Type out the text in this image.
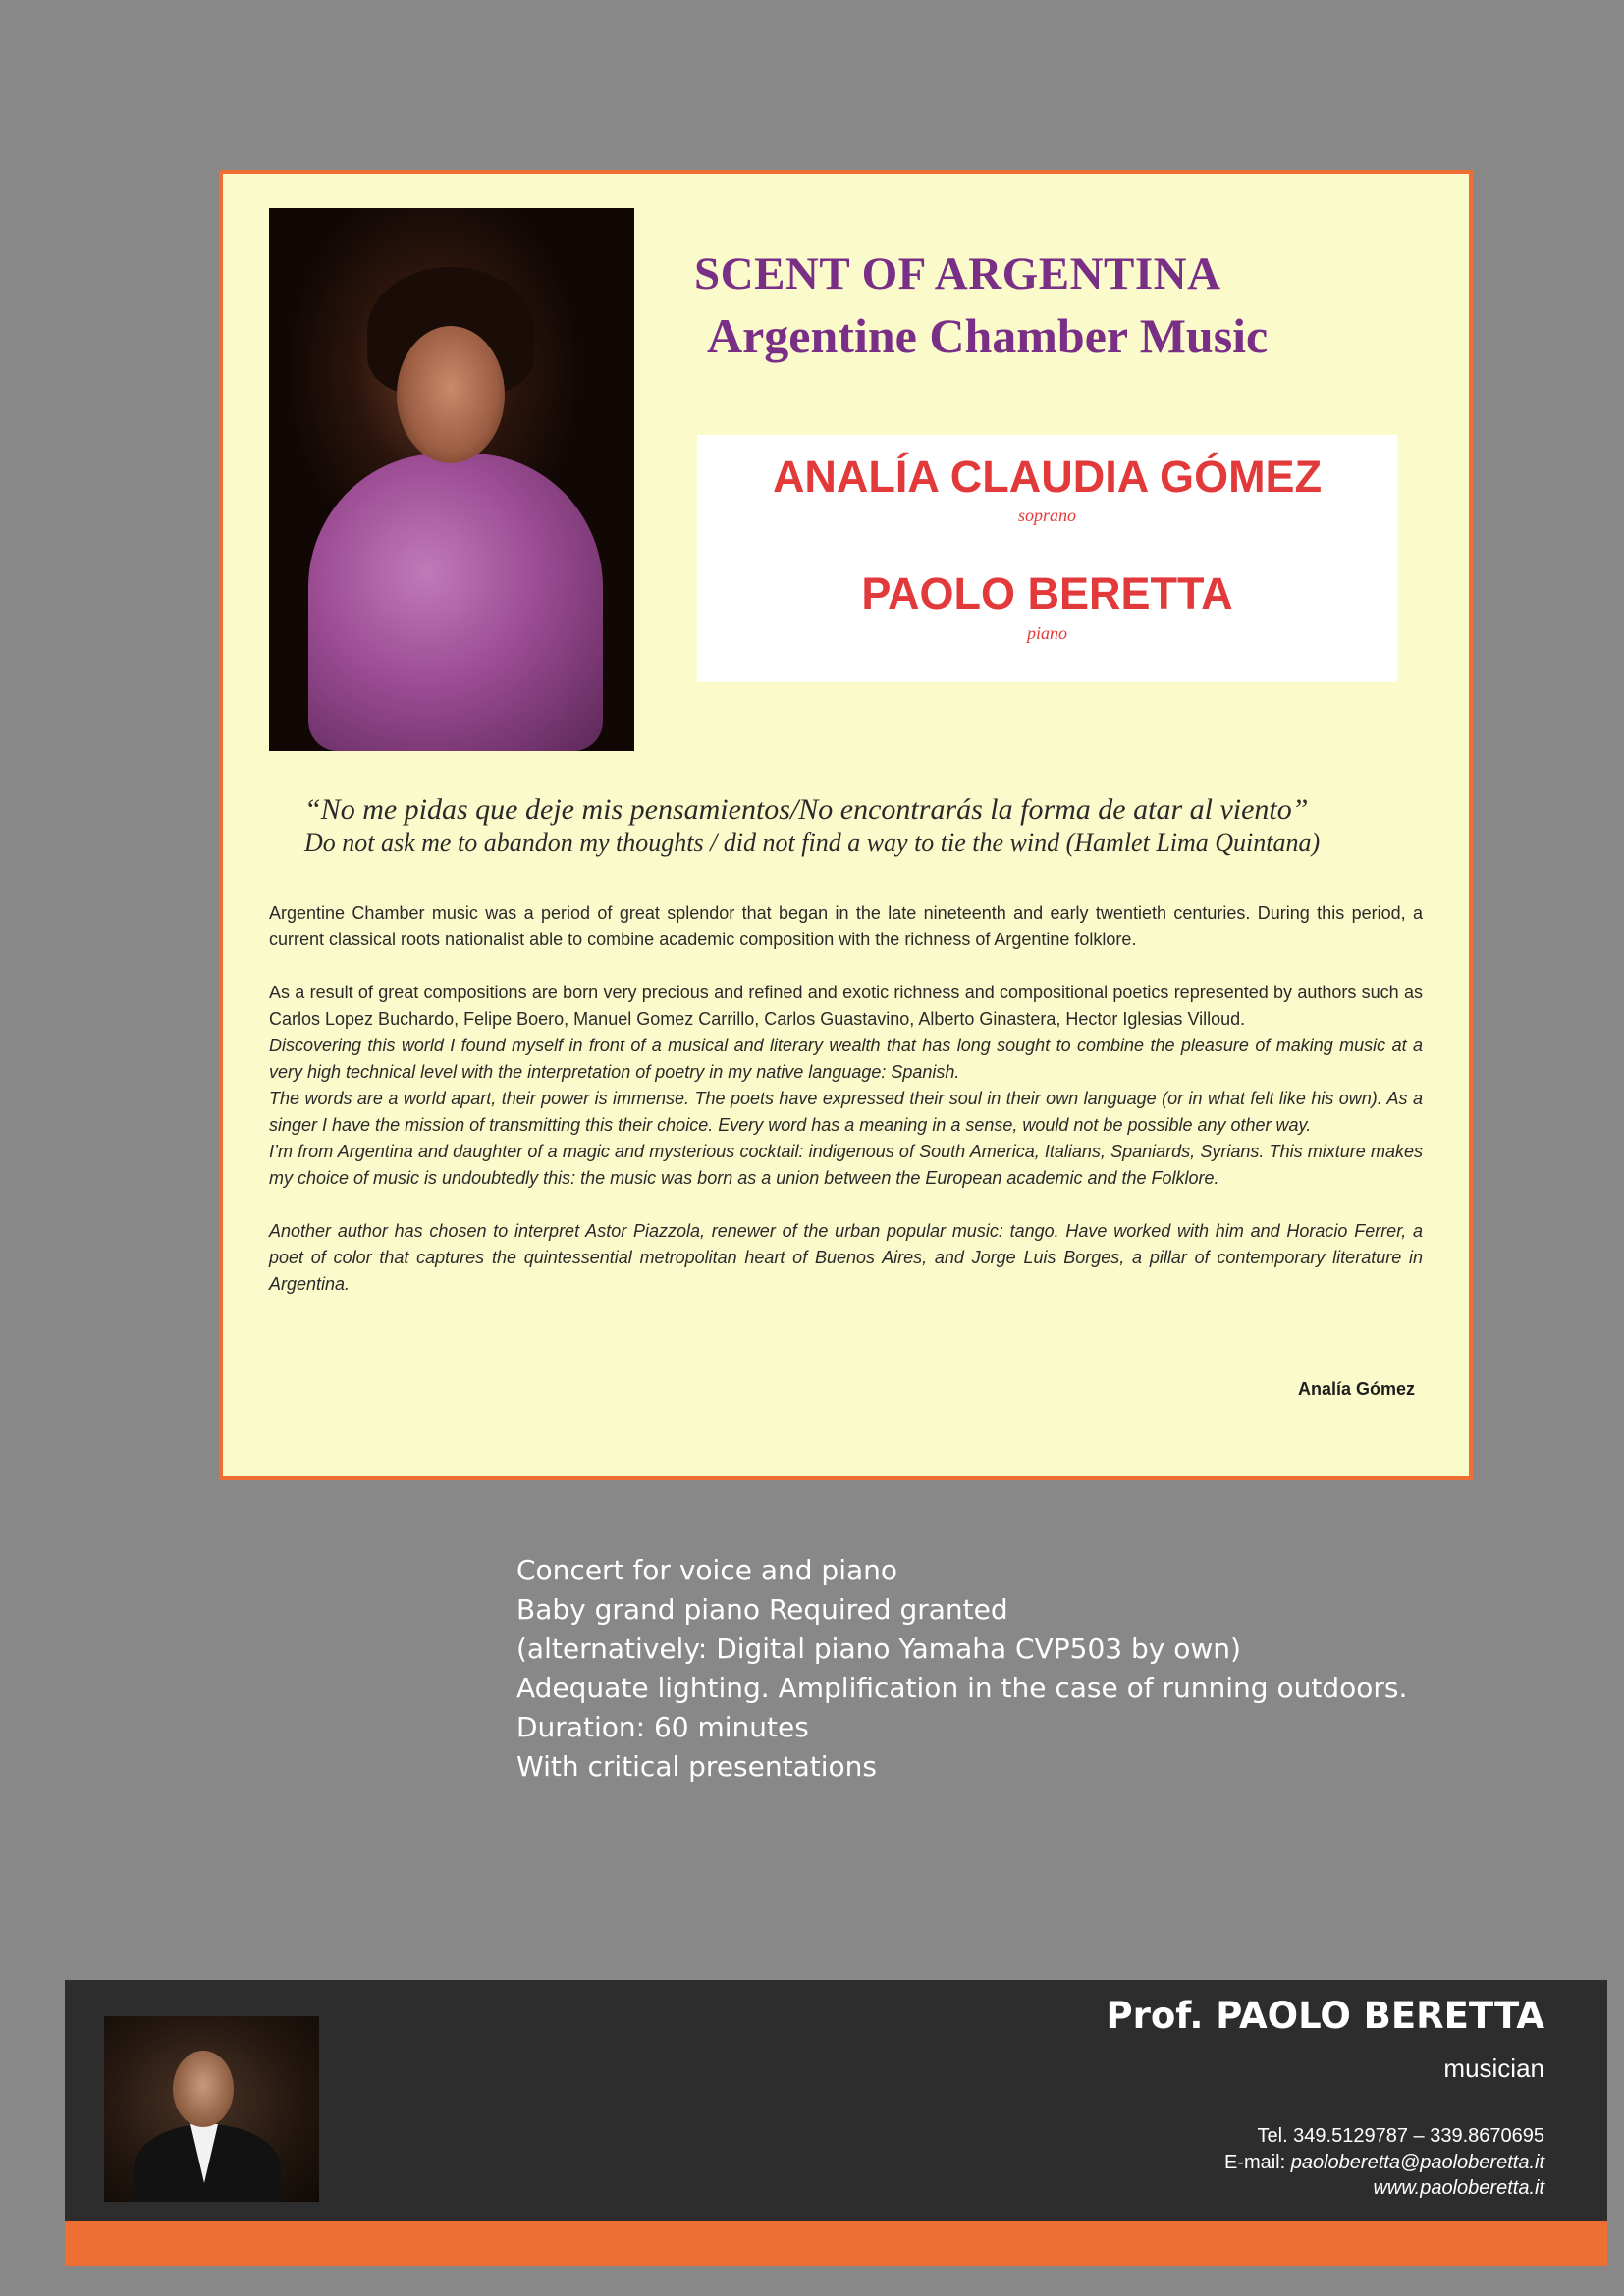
SCENT OF ARGENTINA
Argentine Chamber Music
ANALÍA CLAUDIA GÓMEZ
soprano
PAOLO BERETTA
piano
“No me pidas que deje mis pensamientos/No encontrarás la forma de atar al viento”
Do not ask me to abandon my thoughts / did not find a way to tie the wind (Hamlet Lima Quintana)

Argentine Chamber music was a period of great splendor that began in the late nineteenth and early twentieth centuries. During this period, a current classical roots nationalist able to combine academic composition with the richness of Argentine folklore.

As a result of great compositions are born very precious and refined and exotic richness and compositional poetics represented by authors such as Carlos Lopez Buchardo, Felipe Boero, Manuel Gomez Carrillo, Carlos Guastavino, Alberto Ginastera, Hector Iglesias Villoud.

Discovering this world I found myself in front of a musical and literary wealth that has long sought to combine the pleasure of making music at a very high technical level with the interpretation of poetry in my native language: Spanish.

The words are a world apart, their power is immense. The poets have expressed their soul in their own language (or in what felt like his own). As a singer I have the mission of transmitting this their choice. Every word has a meaning in a sense, would not be possible any other way.

I’m from Argentina and daughter of a magic and mysterious cocktail: indigenous of South America, Italians, Spaniards, Syrians. This mixture makes my choice of music is undoubtedly this: the music was born as a union between the European academic and the Folklore.

Another author has chosen to interpret Astor Piazzola, renewer of the urban popular music: tango. Have worked with him and Horacio Ferrer, a poet of color that captures the quintessential metropolitan heart of Buenos Aires, and Jorge Luis Borges, a pillar of contemporary literature in Argentina.

Analía Gómez
Concert for voice and piano
Baby grand piano Required granted
(alternatively: Digital piano Yamaha CVP503 by own)
Adequate lighting. Amplification in the case of running outdoors.
Duration: 60 minutes
With critical presentations
Prof. PAOLO BERETTA
musician
Tel. 349.5129787 – 339.8670695
E-mail: paoloberetta@paoloberetta.it
www.paoloberetta.it
